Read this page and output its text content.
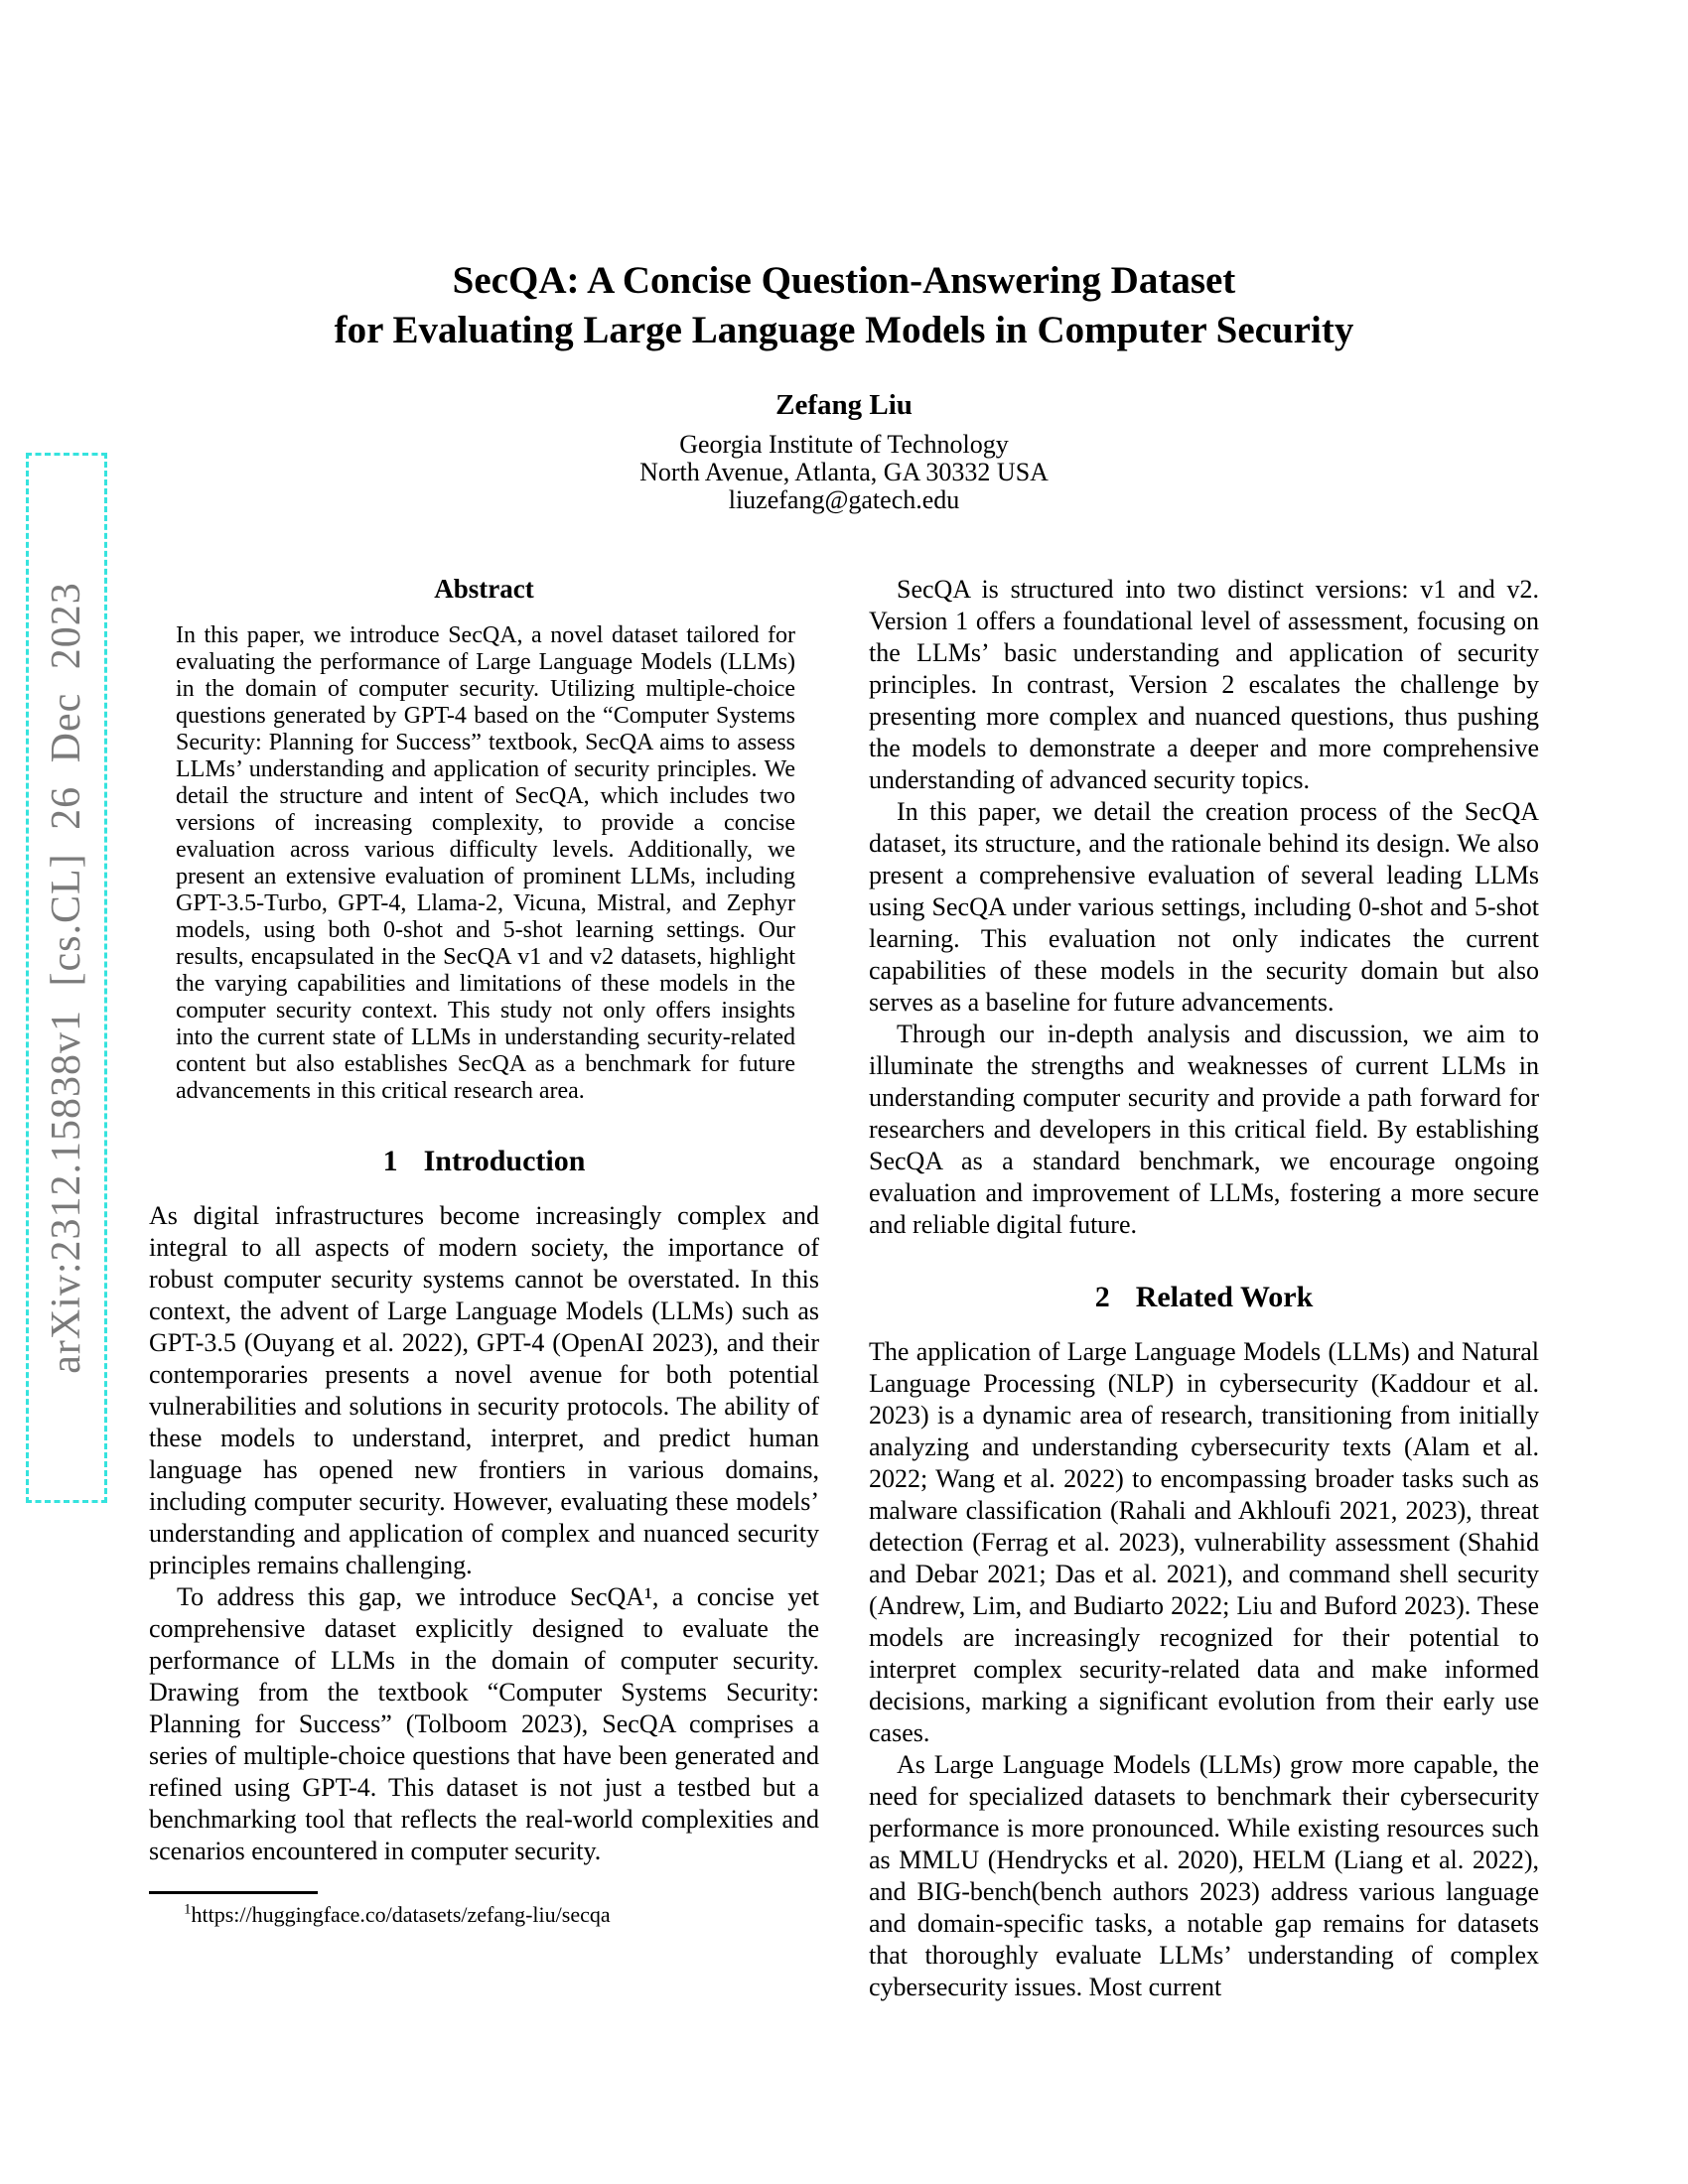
arXiv:2312.15838v1 [cs.CL] 26 Dec 2023
SecQA: A Concise Question-Answering Dataset
for Evaluating Large Language Models in Computer Security
Zefang Liu
Georgia Institute of Technology
North Avenue, Atlanta, GA 30332 USA
liuzefang@gatech.edu
Abstract

In this paper, we introduce SecQA, a novel dataset tailored for evaluating the performance of Large Language Models (LLMs) in the domain of computer security. Utilizing multiple-choice questions generated by GPT-4 based on the “Computer Systems Security: Planning for Success” textbook, SecQA aims to assess LLMs’ understanding and application of security principles. We detail the structure and intent of SecQA, which includes two versions of increasing complexity, to provide a concise evaluation across various difficulty levels. Additionally, we present an extensive evaluation of prominent LLMs, including GPT-3.5-Turbo, GPT-4, Llama-2, Vicuna, Mistral, and Zephyr models, using both 0-shot and 5-shot learning settings. Our results, encapsulated in the SecQA v1 and v2 datasets, highlight the varying capabilities and limitations of these models in the computer security context. This study not only offers insights into the current state of LLMs in understanding security-related content but also establishes SecQA as a benchmark for future advancements in this critical research area.

1 Introduction

As digital infrastructures become increasingly complex and integral to all aspects of modern society, the importance of robust computer security systems cannot be overstated. In this context, the advent of Large Language Models (LLMs) such as GPT-3.5 (Ouyang et al. 2022), GPT-4 (OpenAI 2023), and their contemporaries presents a novel avenue for both potential vulnerabilities and solutions in security protocols. The ability of these models to understand, interpret, and predict human language has opened new frontiers in various domains, including computer security. However, evaluating these models’ understanding and application of complex and nuanced security principles remains challenging.

To address this gap, we introduce SecQA¹, a concise yet comprehensive dataset explicitly designed to evaluate the performance of LLMs in the domain of computer security. Drawing from the textbook “Computer Systems Security: Planning for Success” (Tolboom 2023), SecQA comprises a series of multiple-choice questions that have been generated and refined using GPT-4. This dataset is not just a testbed but a benchmarking tool that reflects the real-world complexities and scenarios encountered in computer security.

$^1$https://huggingface.co/datasets/zefang-liu/secqa

SecQA is structured into two distinct versions: v1 and v2. Version 1 offers a foundational level of assessment, focusing on the LLMs’ basic understanding and application of security principles. In contrast, Version 2 escalates the challenge by presenting more complex and nuanced questions, thus pushing the models to demonstrate a deeper and more comprehensive understanding of advanced security topics.

In this paper, we detail the creation process of the SecQA dataset, its structure, and the rationale behind its design. We also present a comprehensive evaluation of several leading LLMs using SecQA under various settings, including 0-shot and 5-shot learning. This evaluation not only indicates the current capabilities of these models in the security domain but also serves as a baseline for future advancements.

Through our in-depth analysis and discussion, we aim to illuminate the strengths and weaknesses of current LLMs in understanding computer security and provide a path forward for researchers and developers in this critical field. By establishing SecQA as a standard benchmark, we encourage ongoing evaluation and improvement of LLMs, fostering a more secure and reliable digital future.

2 Related Work

The application of Large Language Models (LLMs) and Natural Language Processing (NLP) in cybersecurity (Kaddour et al. 2023) is a dynamic area of research, transitioning from initially analyzing and understanding cybersecurity texts (Alam et al. 2022; Wang et al. 2022) to encompassing broader tasks such as malware classification (Rahali and Akhloufi 2021, 2023), threat detection (Ferrag et al. 2023), vulnerability assessment (Shahid and Debar 2021; Das et al. 2021), and command shell security (Andrew, Lim, and Budiarto 2022; Liu and Buford 2023). These models are increasingly recognized for their potential to interpret complex security-related data and make informed decisions, marking a significant evolution from their early use cases.

As Large Language Models (LLMs) grow more capable, the need for specialized datasets to benchmark their cybersecurity performance is more pronounced. While existing resources such as MMLU (Hendrycks et al. 2020), HELM (Liang et al. 2022), and BIG-bench(bench authors 2023) address various language and domain-specific tasks, a notable gap remains for datasets that thoroughly evaluate LLMs’ understanding of complex cybersecurity issues. Most current
